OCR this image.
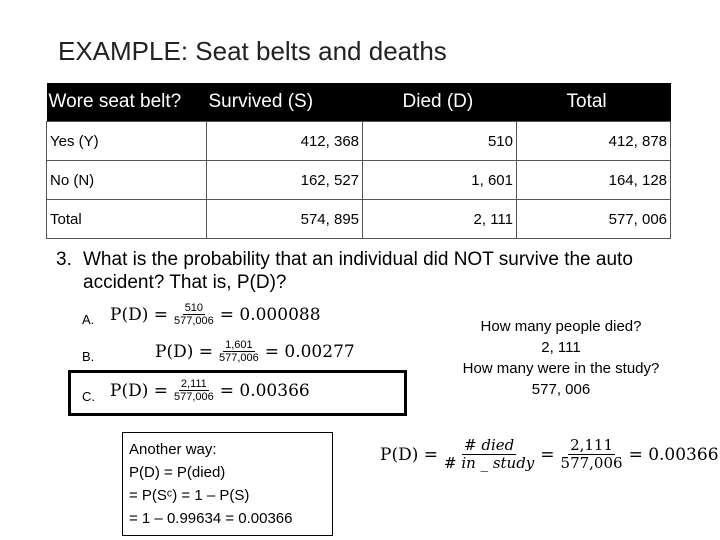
EXAMPLE: Seat belts and deaths
Wore seat belt?	Survived (S)	Died (D)	Total
Yes (Y)	412, 368	510	412, 878
No (N)	162, 527	1, 601	164, 128
Total	574, 895	2, 111	577, 006
3. What is the probability that an individual did NOT survive the auto accident? That is, P(D)?
A. $P(D) = \frac{510}{577,006} = 0.000088$
B.	$P(D) = \frac{1,601}{577,006} = 0.00277$
C. $P(D) = \frac{2,111}{577,006} = 0.00366$
How many people died?
2, 111
How many were in the study?
577, 006
Another way:
P(D) = P(died)
= P(Sᶜ) = 1 – P(S)
= 1 – 0.99634 = 0.00366
$P(D) = \frac{\text{\# died}}{\text{\# in \_ study}} = \frac{2,111}{577,006} = 0.00366$
